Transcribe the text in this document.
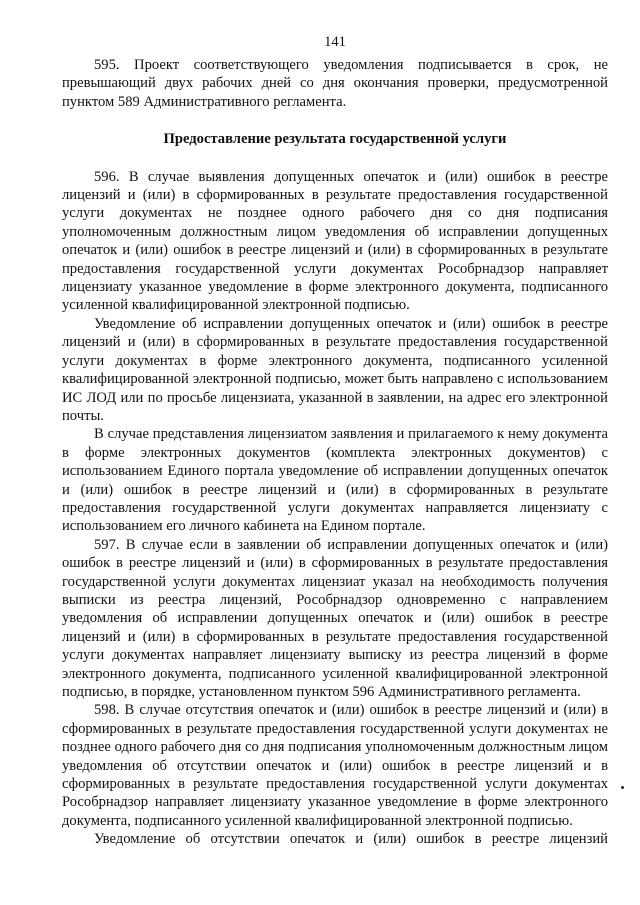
141

595. Проект соответствующего уведомления подписывается в срок, не превышающий двух рабочих дней со дня окончания проверки, предусмотренной пунктом 589 Административного регламента.

Предоставление результата государственной услуги

596. В случае выявления допущенных опечаток и (или) ошибок в реестре лицензий и (или) в сформированных в результате предоставления государственной услуги документах не позднее одного рабочего дня со дня подписания уполномоченным должностным лицом уведомления об исправлении допущенных опечаток и (или) ошибок в реестре лицензий и (или) в сформированных в результате предоставления государственной услуги документах Рособрнадзор направляет лицензиату указанное уведомление в форме электронного документа, подписанного усиленной квалифицированной электронной подписью.

Уведомление об исправлении допущенных опечаток и (или) ошибок в реестре лицензий и (или) в сформированных в результате предоставления государственной услуги документах в форме электронного документа, подписанного усиленной квалифицированной электронной подписью, может быть направлено с использованием ИС ЛОД или по просьбе лицензиата, указанной в заявлении, на адрес его электронной почты.

В случае представления лицензиатом заявления и прилагаемого к нему документа в форме электронных документов (комплекта электронных документов) с использованием Единого портала уведомление об исправлении допущенных опечаток и (или) ошибок в реестре лицензий и (или) в сформированных в результате предоставления государственной услуги документах направляется лицензиату с использованием его личного кабинета на Едином портале.

597. В случае если в заявлении об исправлении допущенных опечаток и (или) ошибок в реестре лицензий и (или) в сформированных в результате предоставления государственной услуги документах лицензиат указал на необходимость получения выписки из реестра лицензий, Рособрнадзор одновременно с направлением уведомления об исправлении допущенных опечаток и (или) ошибок в реестре лицензий и (или) в сформированных в результате предоставления государственной услуги документах направляет лицензиату выписку из реестра лицензий в форме электронного документа, подписанного усиленной квалифицированной электронной подписью, в порядке, установленном пунктом 596 Административного регламента.

598. В случае отсутствия опечаток и (или) ошибок в реестре лицензий и (или) в сформированных в результате предоставления государственной услуги документах не позднее одного рабочего дня со дня подписания уполномоченным должностным лицом уведомления об отсутствии опечаток и (или) ошибок в реестре лицензий и в сформированных в результате предоставления государственной услуги документах Рособрнадзор направляет лицензиату указанное уведомление в форме электронного документа, подписанного усиленной квалифицированной электронной подписью.

Уведомление об отсутствии опечаток и (или) ошибок в реестре лицензий
